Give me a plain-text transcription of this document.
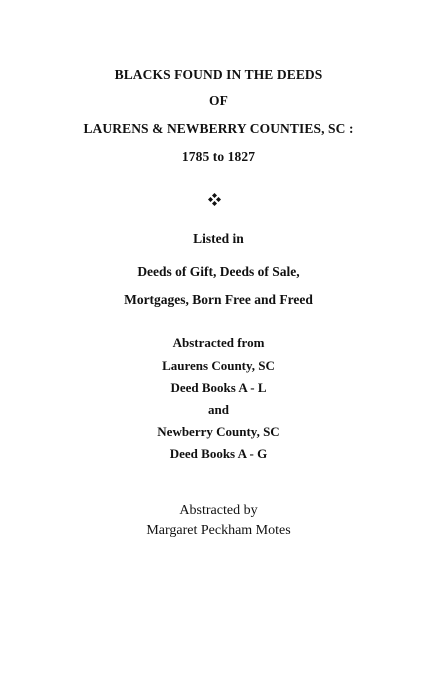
BLACKS FOUND IN THE DEEDS
OF
LAURENS & NEWBERRY COUNTIES, SC :
1785 to 1827
Listed in
Deeds of Gift, Deeds of Sale,
Mortgages, Born Free and Freed
Abstracted from
Laurens County, SC
Deed Books A - L
and
Newberry County, SC
Deed Books A - G
Abstracted by
Margaret Peckham Motes
